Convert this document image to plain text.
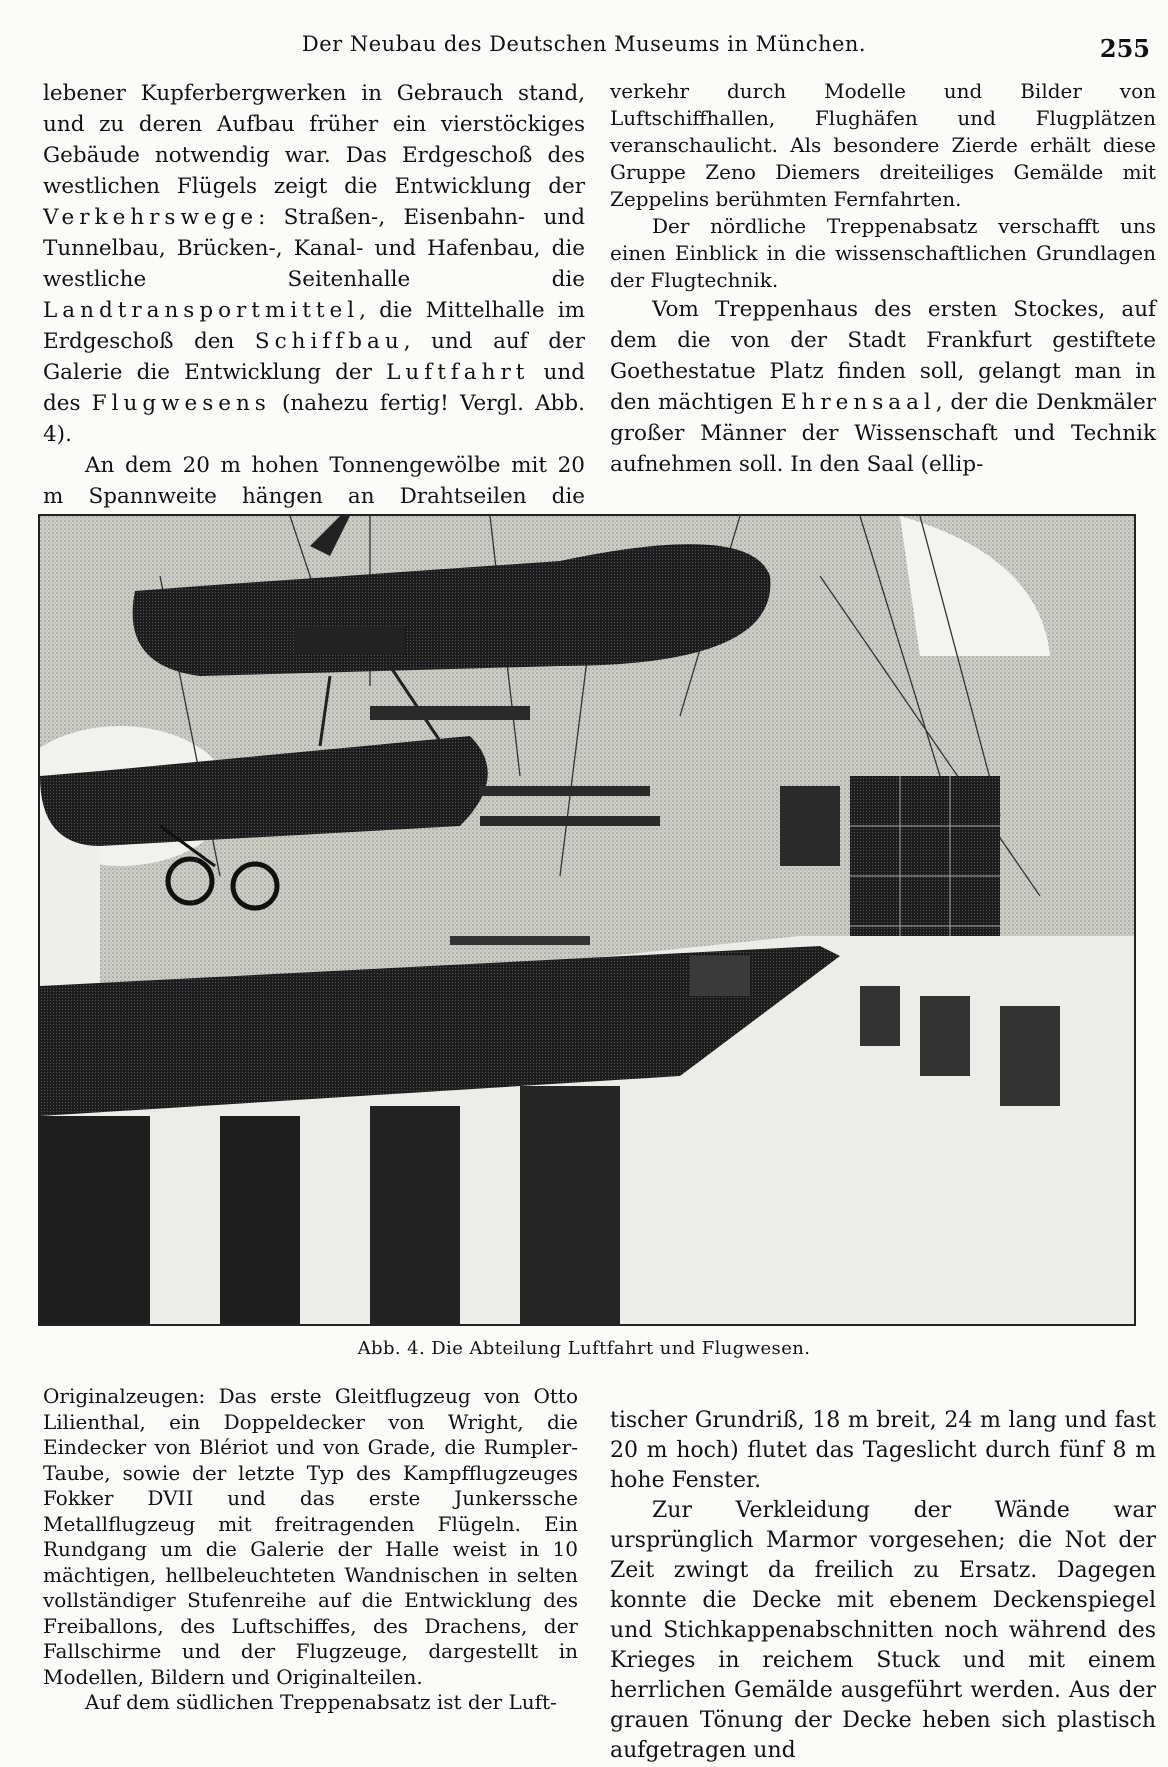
Der Neubau des Deutschen Museums in München.	255

lebener Kupferbergwerken in Gebrauch stand, und zu deren Aufbau früher ein vierstöckiges Gebäude notwendig war. Das Erdgeschoß des westlichen Flügels zeigt die Entwicklung der Verkehrswege: Straßen-, Eisenbahn- und Tunnelbau, Brücken-, Kanal- und Hafenbau, die westliche Seitenhalle die Landtransportmittel, die Mittelhalle im Erdgeschoß den Schiffbau, und auf der Galerie die Entwicklung der Luftfahrt und des Flugwesens (nahezu fertig! Vergl. Abb. 4).

An dem 20 m hohen Tonnengewölbe mit 20 m Spannweite hängen an Drahtseilen die

verkehr durch Modelle und Bilder von Luftschiffhallen, Flughäfen und Flugplätzen veranschaulicht. Als besondere Zierde erhält diese Gruppe Zeno Diemers dreiteiliges Gemälde mit Zeppelins berühmten Fernfahrten.

Der nördliche Treppenabsatz verschafft uns einen Einblick in die wissenschaftlichen Grundlagen der Flugtechnik.

Vom Treppenhaus des ersten Stockes, auf dem die von der Stadt Frankfurt gestiftete Goethestatue Platz finden soll, gelangt man in den mächtigen Ehrensaal, der die Denkmäler großer Männer der Wissenschaft und Technik aufnehmen soll. In den Saal (ellip-

Abb. 4. Die Abteilung Luftfahrt und Flugwesen.

Originalzeugen: Das erste Gleitflugzeug von Otto Lilienthal, ein Doppeldecker von Wright, die Eindecker von Blériot und von Grade, die Rumpler-Taube, sowie der letzte Typ des Kampfflugzeuges Fokker DVII und das erste Junkerssche Metallflugzeug mit freitragenden Flügeln. Ein Rundgang um die Galerie der Halle weist in 10 mächtigen, hellbeleuchteten Wandnischen in selten vollständiger Stufenreihe auf die Entwicklung des Freiballons, des Luftschiffes, des Drachens, der Fallschirme und der Flugzeuge, dargestellt in Modellen, Bildern und Originalteilen.

Auf dem südlichen Treppenabsatz ist der Luft-

tischer Grundriß, 18 m breit, 24 m lang und fast 20 m hoch) flutet das Tageslicht durch fünf 8 m hohe Fenster.

Zur Verkleidung der Wände war ursprünglich Marmor vorgesehen; die Not der Zeit zwingt da freilich zu Ersatz. Dagegen konnte die Decke mit ebenem Deckenspiegel und Stichkappenabschnitten noch während des Krieges in reichem Stuck und mit einem herrlichen Gemälde ausgeführt werden. Aus der grauen Tönung der Decke heben sich plastisch aufgetragen und
